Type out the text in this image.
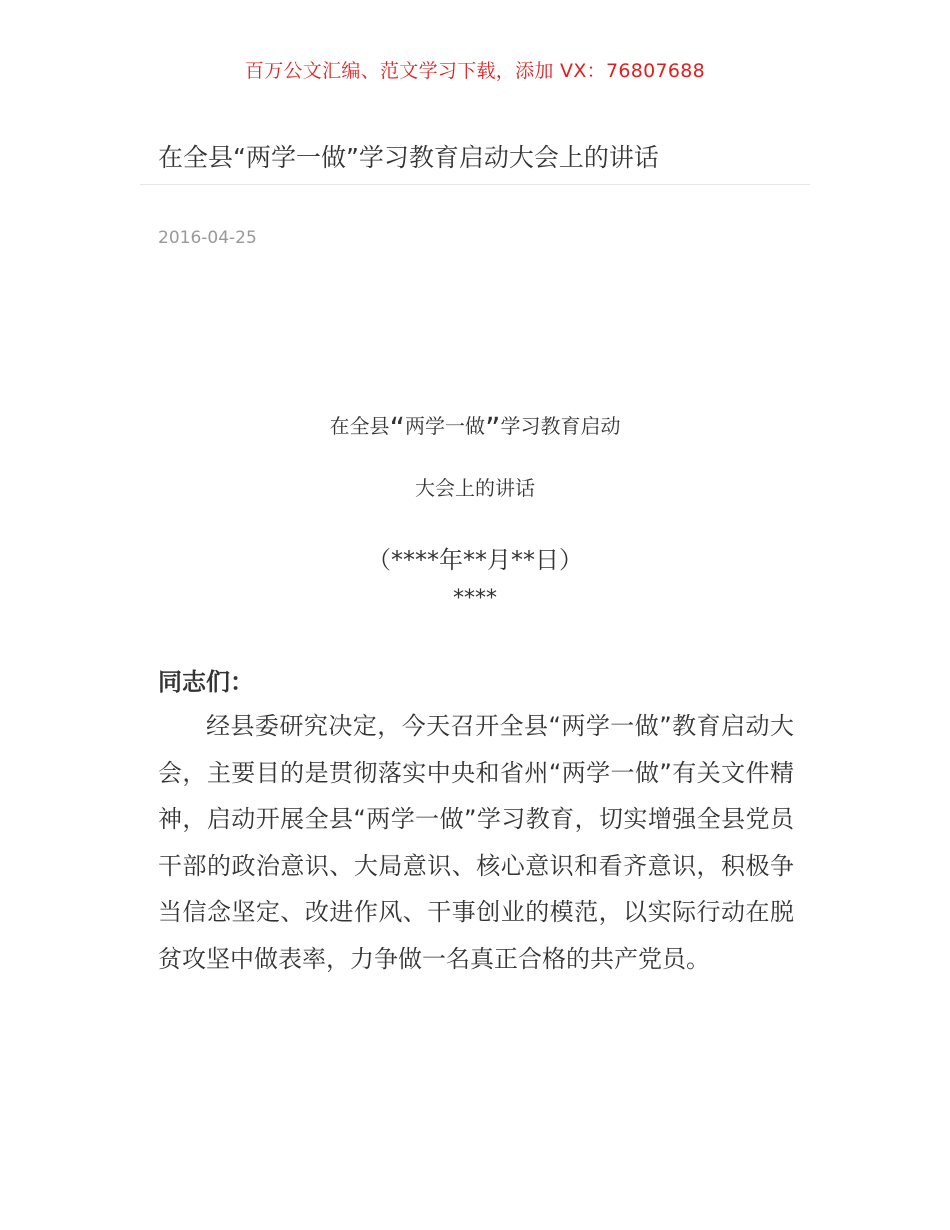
百万公文汇编、范文学习下载，添加 VX：76807688
在全县“两学一做”学习教育启动大会上的讲话
2016-04-25
在全县“两学一做”学习教育启动
大会上的讲话
（****年**月**日）
****
同志们：

经县委研究决定，今天召开全县“两学一做”教育启动大会，主要目的是贯彻落实中央和省州“两学一做”有关文件精神，启动开展全县“两学一做”学习教育，切实增强全县党员干部的政治意识、大局意识、核心意识和看齐意识，积极争当信念坚定、改进作风、干事创业的模范，以实际行动在脱贫攻坚中做表率，力争做一名真正合格的共产党员。
